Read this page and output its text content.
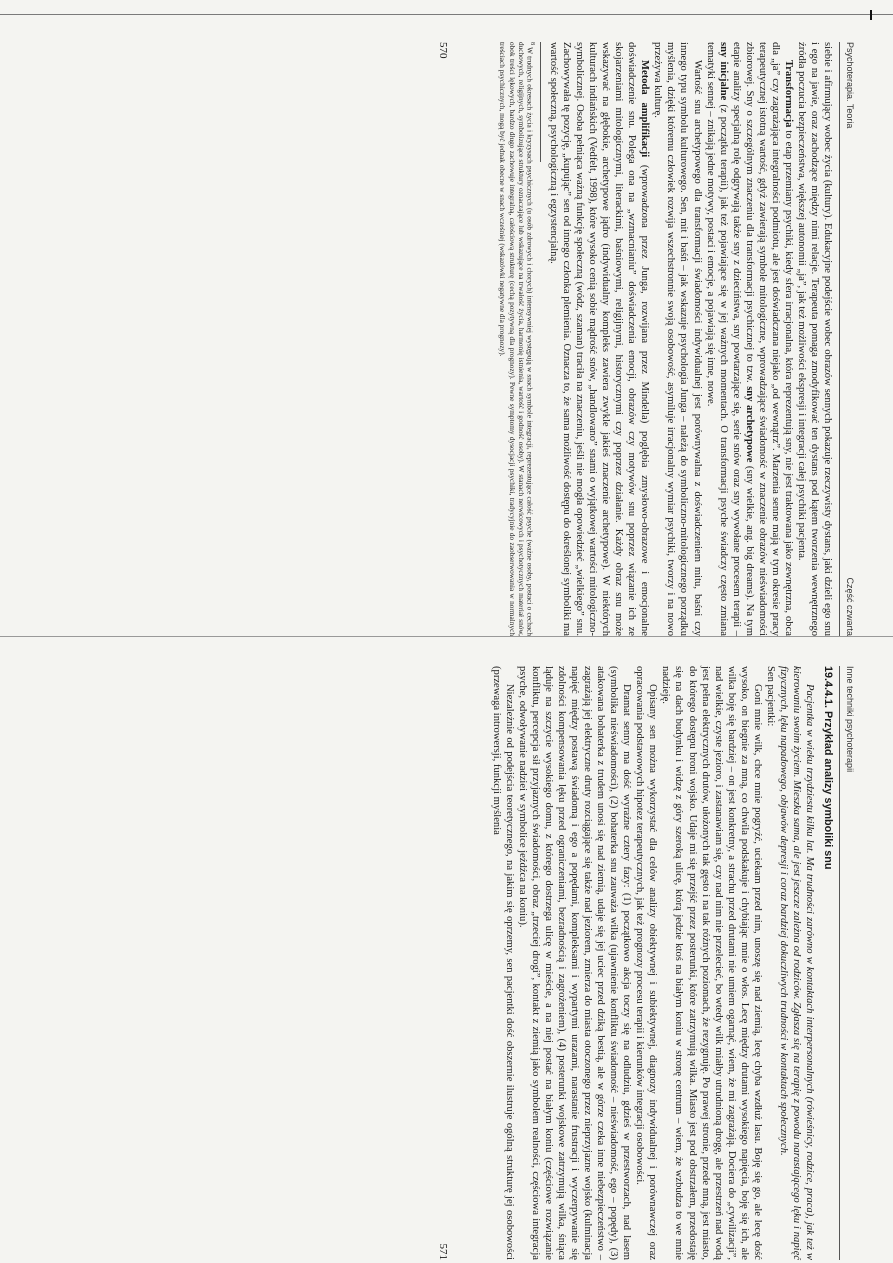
Psychoterapia. Teoria
Część czwarta

siebie i afirmujący wobec życia (kultury). Edukacyjne podejście wobec obrazów sennych pokazuje rzeczywisty dystans, jaki dzieli ego snu i ego na jawie, oraz zachodzące między nimi relacje. Terapeuta pomaga zmodyfikować ten dystans pod kątem tworzenia wewnętrznego źródła poczucia bezpieczeństwa, większej autonomii „ja”, jak też możliwości ekspresji i integracji całej psychiki pacjenta.

Transformacja to etap przemiany psychiki, kiedy sfera irracjonalna, która reprezentują sny, nie jest traktowana jako zewnętrzna, obca dla „ja” czy zagrażająca integralności podmiotu, ale jest doświadczana niejako „od wewnątrz”. Marzenia senne mają w tym okresie pracy terapeutycznej istotną wartość, gdyż zawierają symbole mitologiczne, wprowadzające świadomość w znaczenie obrazów nieświadomości zbiorowej. Sny o szczególnym znaczeniu dla transformacji psychicznej to tzw. sny archetypowe (sny wielkie, ang. big dreams). Na tym etapie analizy specjalną rolę odgrywają także sny z dzieciństwa, sny powtarzające się, serie snów oraz sny wywołane procesem terapii – sny inicjalne (z początku terapii), jak też pojawiające się w jej ważnych momentach. O transformacji psyche świadczy często zmiana tematyki sennej – znikają jedne motywy, postaci i emocje, a pojawiają się inne, nowe.

Wartość snu archetypowego dla transformacji świadomości indywidualnej jest porównywalna z doświadczeniem mitu, baśni czy innego typu symbolu kulturowego. Sen, mit i baśń – jak wskazuje psychologia Junga – należą do symboliczno-mitologicznego porządku myślenia, dzięki któremu człowiek rozwija wszechstronnie swoją osobowość, asymiluje irracjonalny wymiar psychiki, tworzy i na nowo przeżywa kulturę.

Metoda amplifikacji (wprowadzona przez Junga, rozwijana przez Mindella) poglębia zmysłowo-obrazowe i emocjonalne doświadczenie snu. Polega ona na „wzmacnianiu” doświadczenia emocji, obrazów czy motywów snu poprzez wiązanie ich ze skojarzeniami mitologicznymi, literackimi, baśniowymi, religijnymi, historycznymi czy poprzez działanie. Każdy obraz snu może wskazywać na głębokie, archetypowe jądro (indywidualny kompleks zawiera zwykle jakieś znaczenie archetypowe). W niektórych kulturach indiańskich (Vedfelt, 1998), które wysoko cenią sobie mądrość snów, „handlowano” snami o wyjątkowej wartości mitologiczno-symbolicznej. Osoba pełniąca ważną funkcję społeczną (wódz, szaman) traciła na znaczeniu, jeśli nie mogła opowiedzieć „wielkiego” snu. Zachowywała tę pozycję, „kupując” sen od innego członka plemienia. Oznacza to, że sama możliwość dostępu do określonej symboliki ma wartość społeczną, psychologiczną i egzystencjalną.

$^8$ W trudnych okresach życia i kryzysach psychicznych (u osób zdrowych i chorych) intensywniej występują w snach symbole integracji, reprezentujące całość psyche (ważne osoby, postaci o cechach duchowych, religijnych, symbolizujące struktury oznaczające lub wskazujące na trwałość życia, harmonię istnienia, wartość i godność osoby). W stanach nerwicowych i psychotycznych materiał snów, obok treści lękowych, bardzo długo zachowuje integralną, całościową strukturę (cechą pozytywną dla prognozy). Pewne symptomy dysocjacji psychiki, tradycyjnie do zaobserwowania w normalnych treściach psychicznych, mogą być jednak obecne w snach wcześniej (wskazówki negatywne dla prognozy).
570
Inne techniki psychoterapii
19.4.4.1. Przykład analizy symboliki snu

Pacjentka w wieku trzydziestu kilku lat. Ma trudności zarówno w kontaktach interpersonalnych (rówieśnicy, rodzice, praca), jak też w kierowaniu swoim życiem. Mieszka sama, ale jest jeszcze zależna od rodziców. Zgłasza się na terapię z powodu narastającego lęku i napięć fizycznych, lęku napadowego, objawów depresji i coraz bardziej dokuczliwych trudności w kontaktach społecznych.

Sen pacjentki:

Goni mnie wilk, chce mnie pogryźć, uciekam przed nim, unoszę się nad ziemią, lecę chyba wzdłuż lasu. Boję się go, ale lecę dość wysoko, on biegnie za mną, co chwila podskakuje i chybiając mnie o włos. Lecę między drutami wysokiego napięcia, boję się ich, ale wilka boję się bardziej – on jest konkretny, a strachu przed drutami nie umiem ogarnąć, wiem, że mi zagrażają. Dociera do „cywilizacji”, nad wielkie, czyste jezioro, i zastanawiam się, czy nad nim nie przelecieć, bo wtedy wilk miałby utrudnioną drogę, ale przestrzeń nad wodą jest pełna elektrycznych drutów, ułożonych tak gęsto i na tak różnych poziomach, że rezygnuję. Po prawej stronie, przede mną, jest miasto, do którego dostępu broni wojsko. Udaje mi się przejść przez posterunki, które zatrzymują wilka. Miasto jest pod obstrzałem, przedostaję się na dach budynku i widzę z góry szeroką ulicę, którą jedzie ktoś na białym koniu w stronę centrum – wiem, że wzbudza to we mnie nadzieję.

Opisany sen można wykorzystać dla celów analizy obiektywnej i subiektywnej, diagnozy indywidualnej i porównawczej oraz opracowania podstawowych hipotez terapeutycznych, jak też prognozy procesu terapii i kierunków integracji osobowości.

Dramat senny ma dość wyraźne cztery fazy: (1) początkowo akcja toczy się na odludziu, gdzieś w przestworzach, nad lasem (symbolika nieświadomości), (2) bohaterka snu zauważa wilka (ujawnienie konfliktu świadomość – nieświadomość, ego – popędy), (3) atakowana bohaterka z trudem unosi się nad ziemią, udaje się jej uciec przed dziką bestią, ale w górze czeka inne niebezpieczeństwo – zagrażają jej elektryczne druty rozciągające się także nad jeziorem, zmierza do miasta otoczonego przez nieprzyjazne wojsko (kulminacja napięć między postawą świadomą i ego a popędami, kompleksami i wypartymi urazami, narastanie frustracji i wyczerpywanie się zdolności kompensowania lęku przed ograniczeniami, bezradnością i zagrożeniem), (4) posterunki wojskowe zatrzymują wilka, śniąca ląduje na szczycie wysokiego domu, z którego dostrzega ulicę w mieście, a na niej postać na białym koniu (częściowe rozwiązanie konfliktu, percepcja sił przyjaznych świadomości, obraz „trzeciej drogi”, kontakt z ziemią jako symbolem realności, częściowa integracja psyche, odwoływanie nadziei w symbolice jeźdźca na koniu).

Niezależnie od podejścia teoretycznego, na jakim się oprzemy, sen pacjentki dość obszernie ilustruje ogólną strukturę jej osobowości (przewaga introwersji, funkcji myślenia

571
